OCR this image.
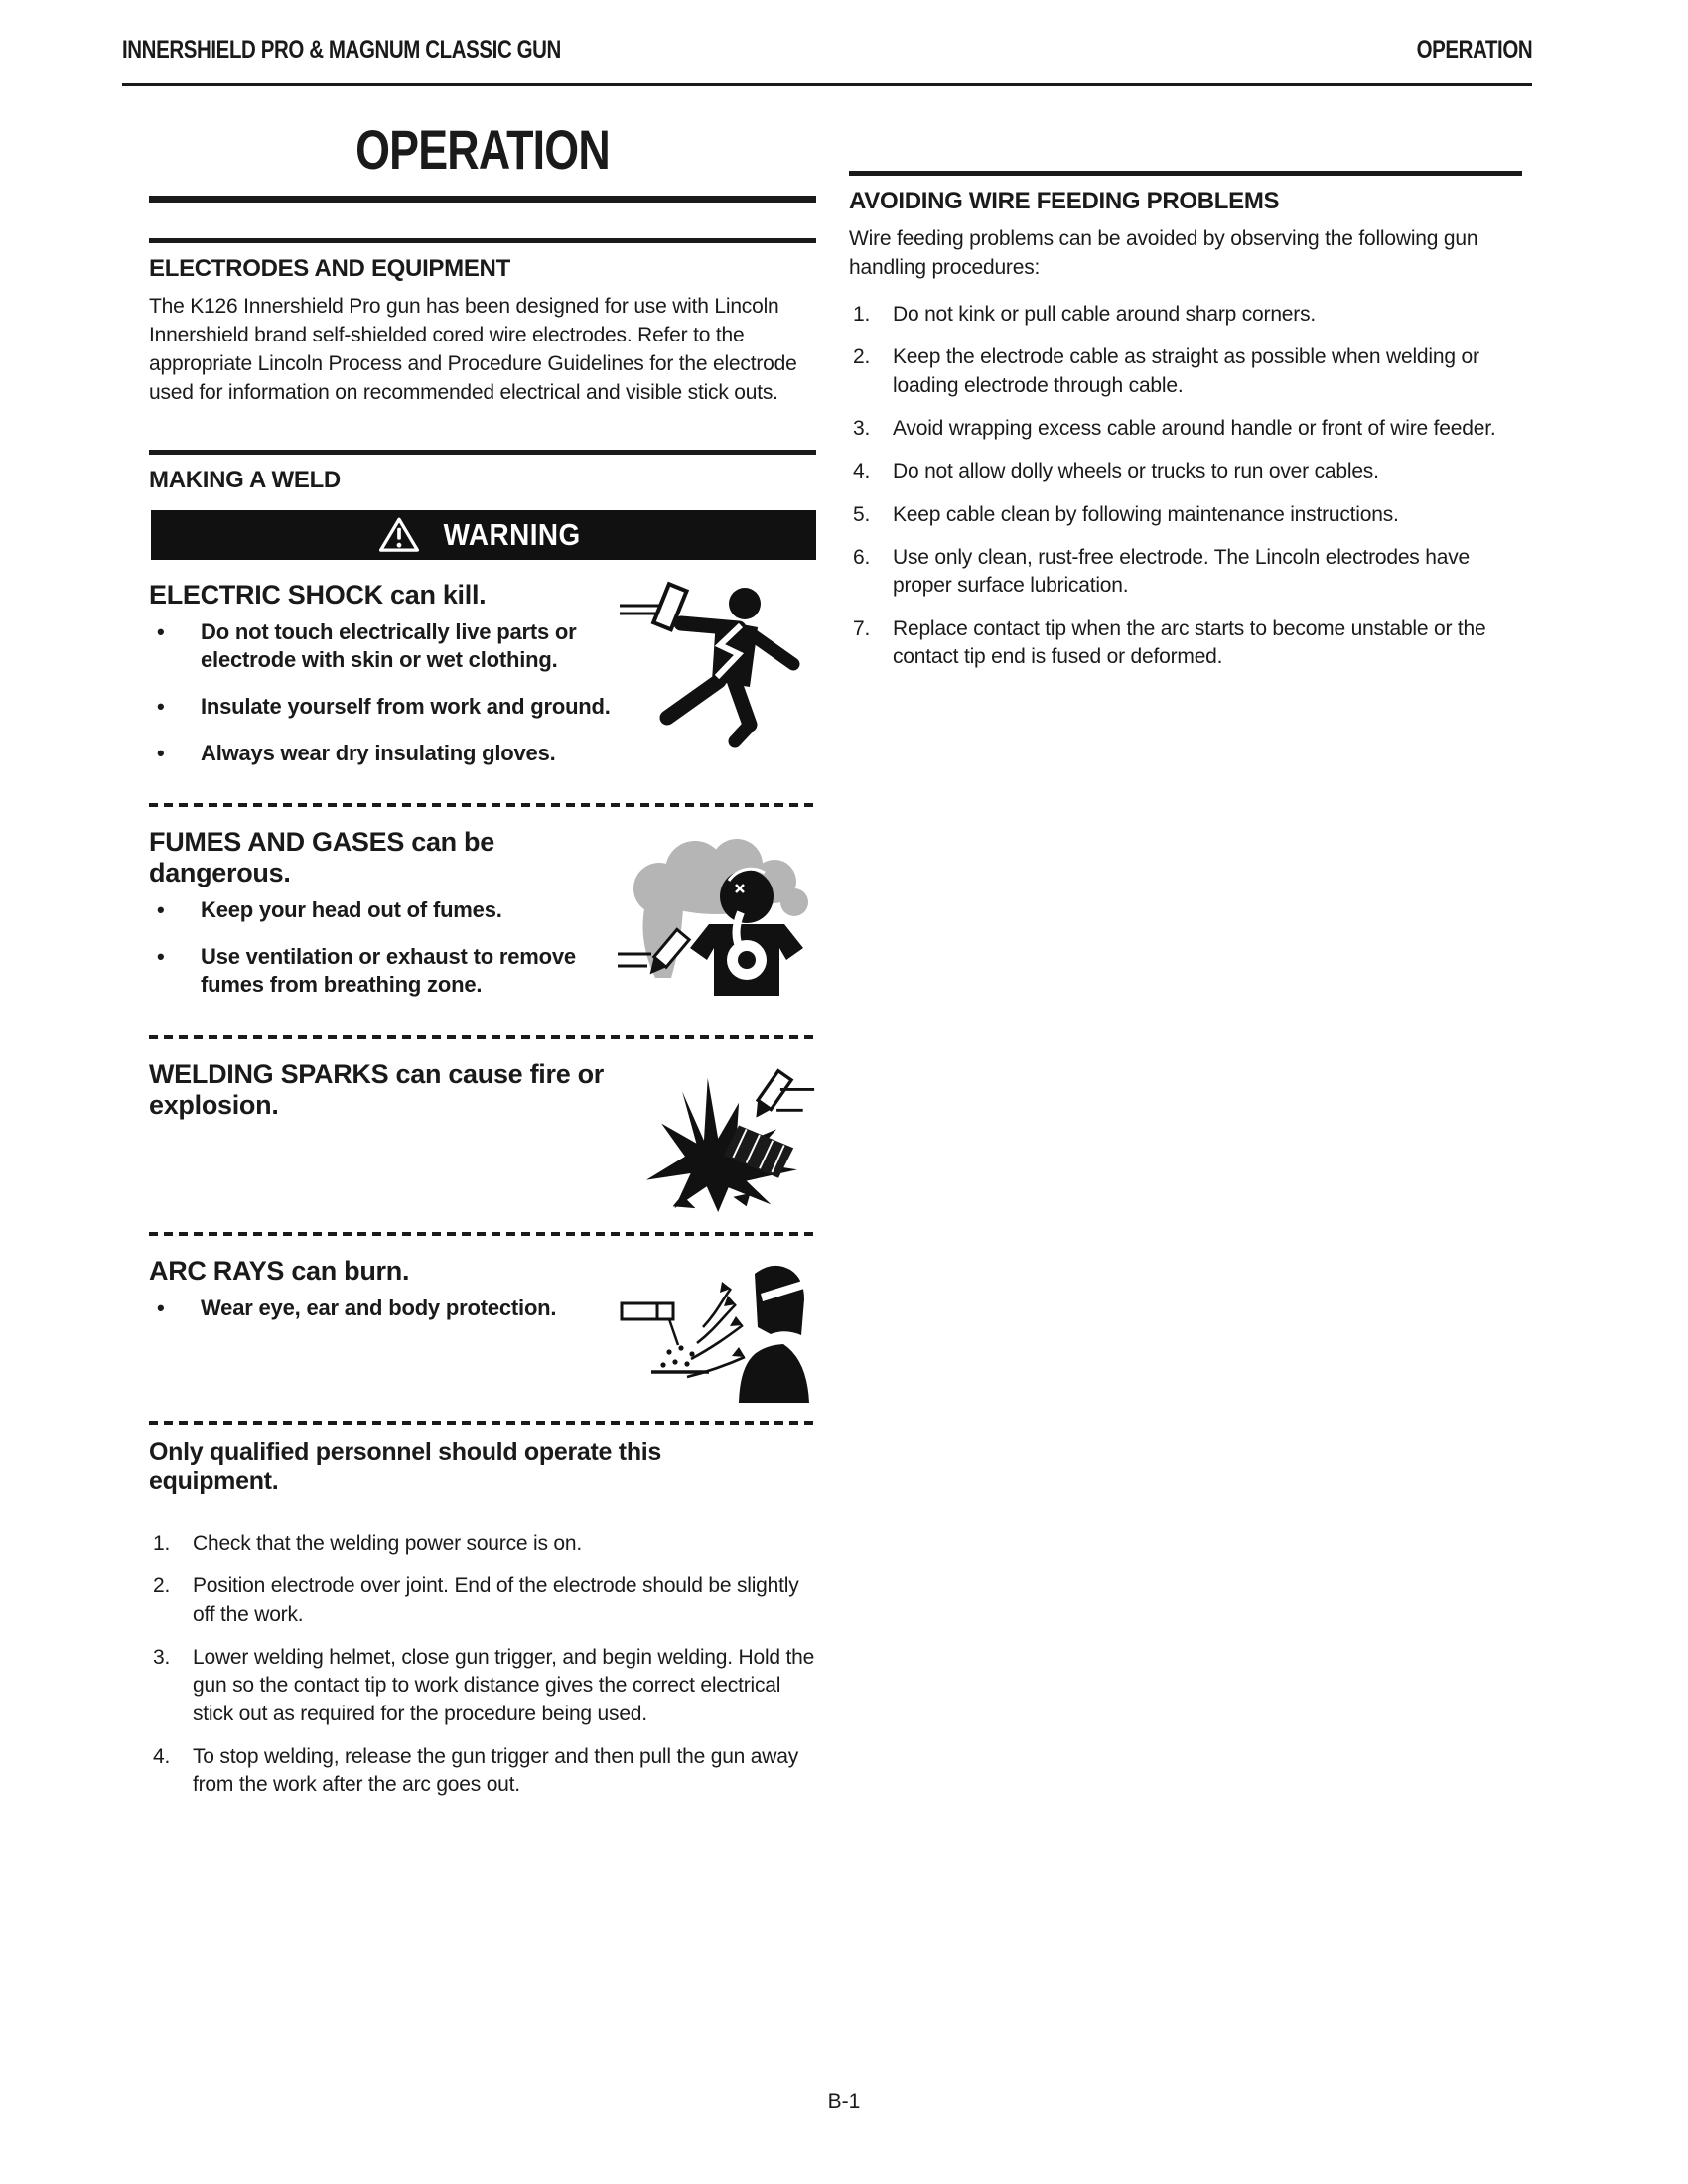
INNERSHIELD PRO & MAGNUM CLASSIC GUN	OPERATION
OPERATION
ELECTRODES AND EQUIPMENT

The K126 Innershield Pro gun has been designed for use with Lincoln Innershield brand self-shielded cored wire electrodes. Refer to the appropriate Lincoln Process and Procedure Guidelines for the electrode used for information on recommended electrical and visible stick outs.

MAKING A WELD
WARNING
ELECTRIC SHOCK can kill.
• Do not touch electrically live parts or electrode with skin or wet clothing.
• Insulate yourself from work and ground.
• Always wear dry insulating gloves.
FUMES AND GASES can be dangerous.
• Keep your head out of fumes.
• Use ventilation or exhaust to remove fumes from breathing zone.
WELDING SPARKS can cause fire or explosion.
ARC RAYS can burn.
• Wear eye, ear and body protection.
Only qualified personnel should operate this equipment.
Check that the welding power source is on.
Position electrode over joint. End of the electrode should be slightly off the work.
Lower welding helmet, close gun trigger, and begin welding. Hold the gun so the contact tip to work distance gives the correct electrical stick out as required for the procedure being used.
To stop welding, release the gun trigger and then pull the gun away from the work after the arc goes out.
AVOIDING WIRE FEEDING PROBLEMS

Wire feeding problems can be avoided by observing the following gun handling procedures:

Do not kink or pull cable around sharp corners.
Keep the electrode cable as straight as possible when welding or loading electrode through cable.
Avoid wrapping excess cable around handle or front of wire feeder.
Do not allow dolly wheels or trucks to run over cables.
Keep cable clean by following maintenance instructions.
Use only clean, rust-free electrode. The Lincoln electrodes have proper surface lubrication.
Replace contact tip when the arc starts to become unstable or the contact tip end is fused or deformed.
B-1
